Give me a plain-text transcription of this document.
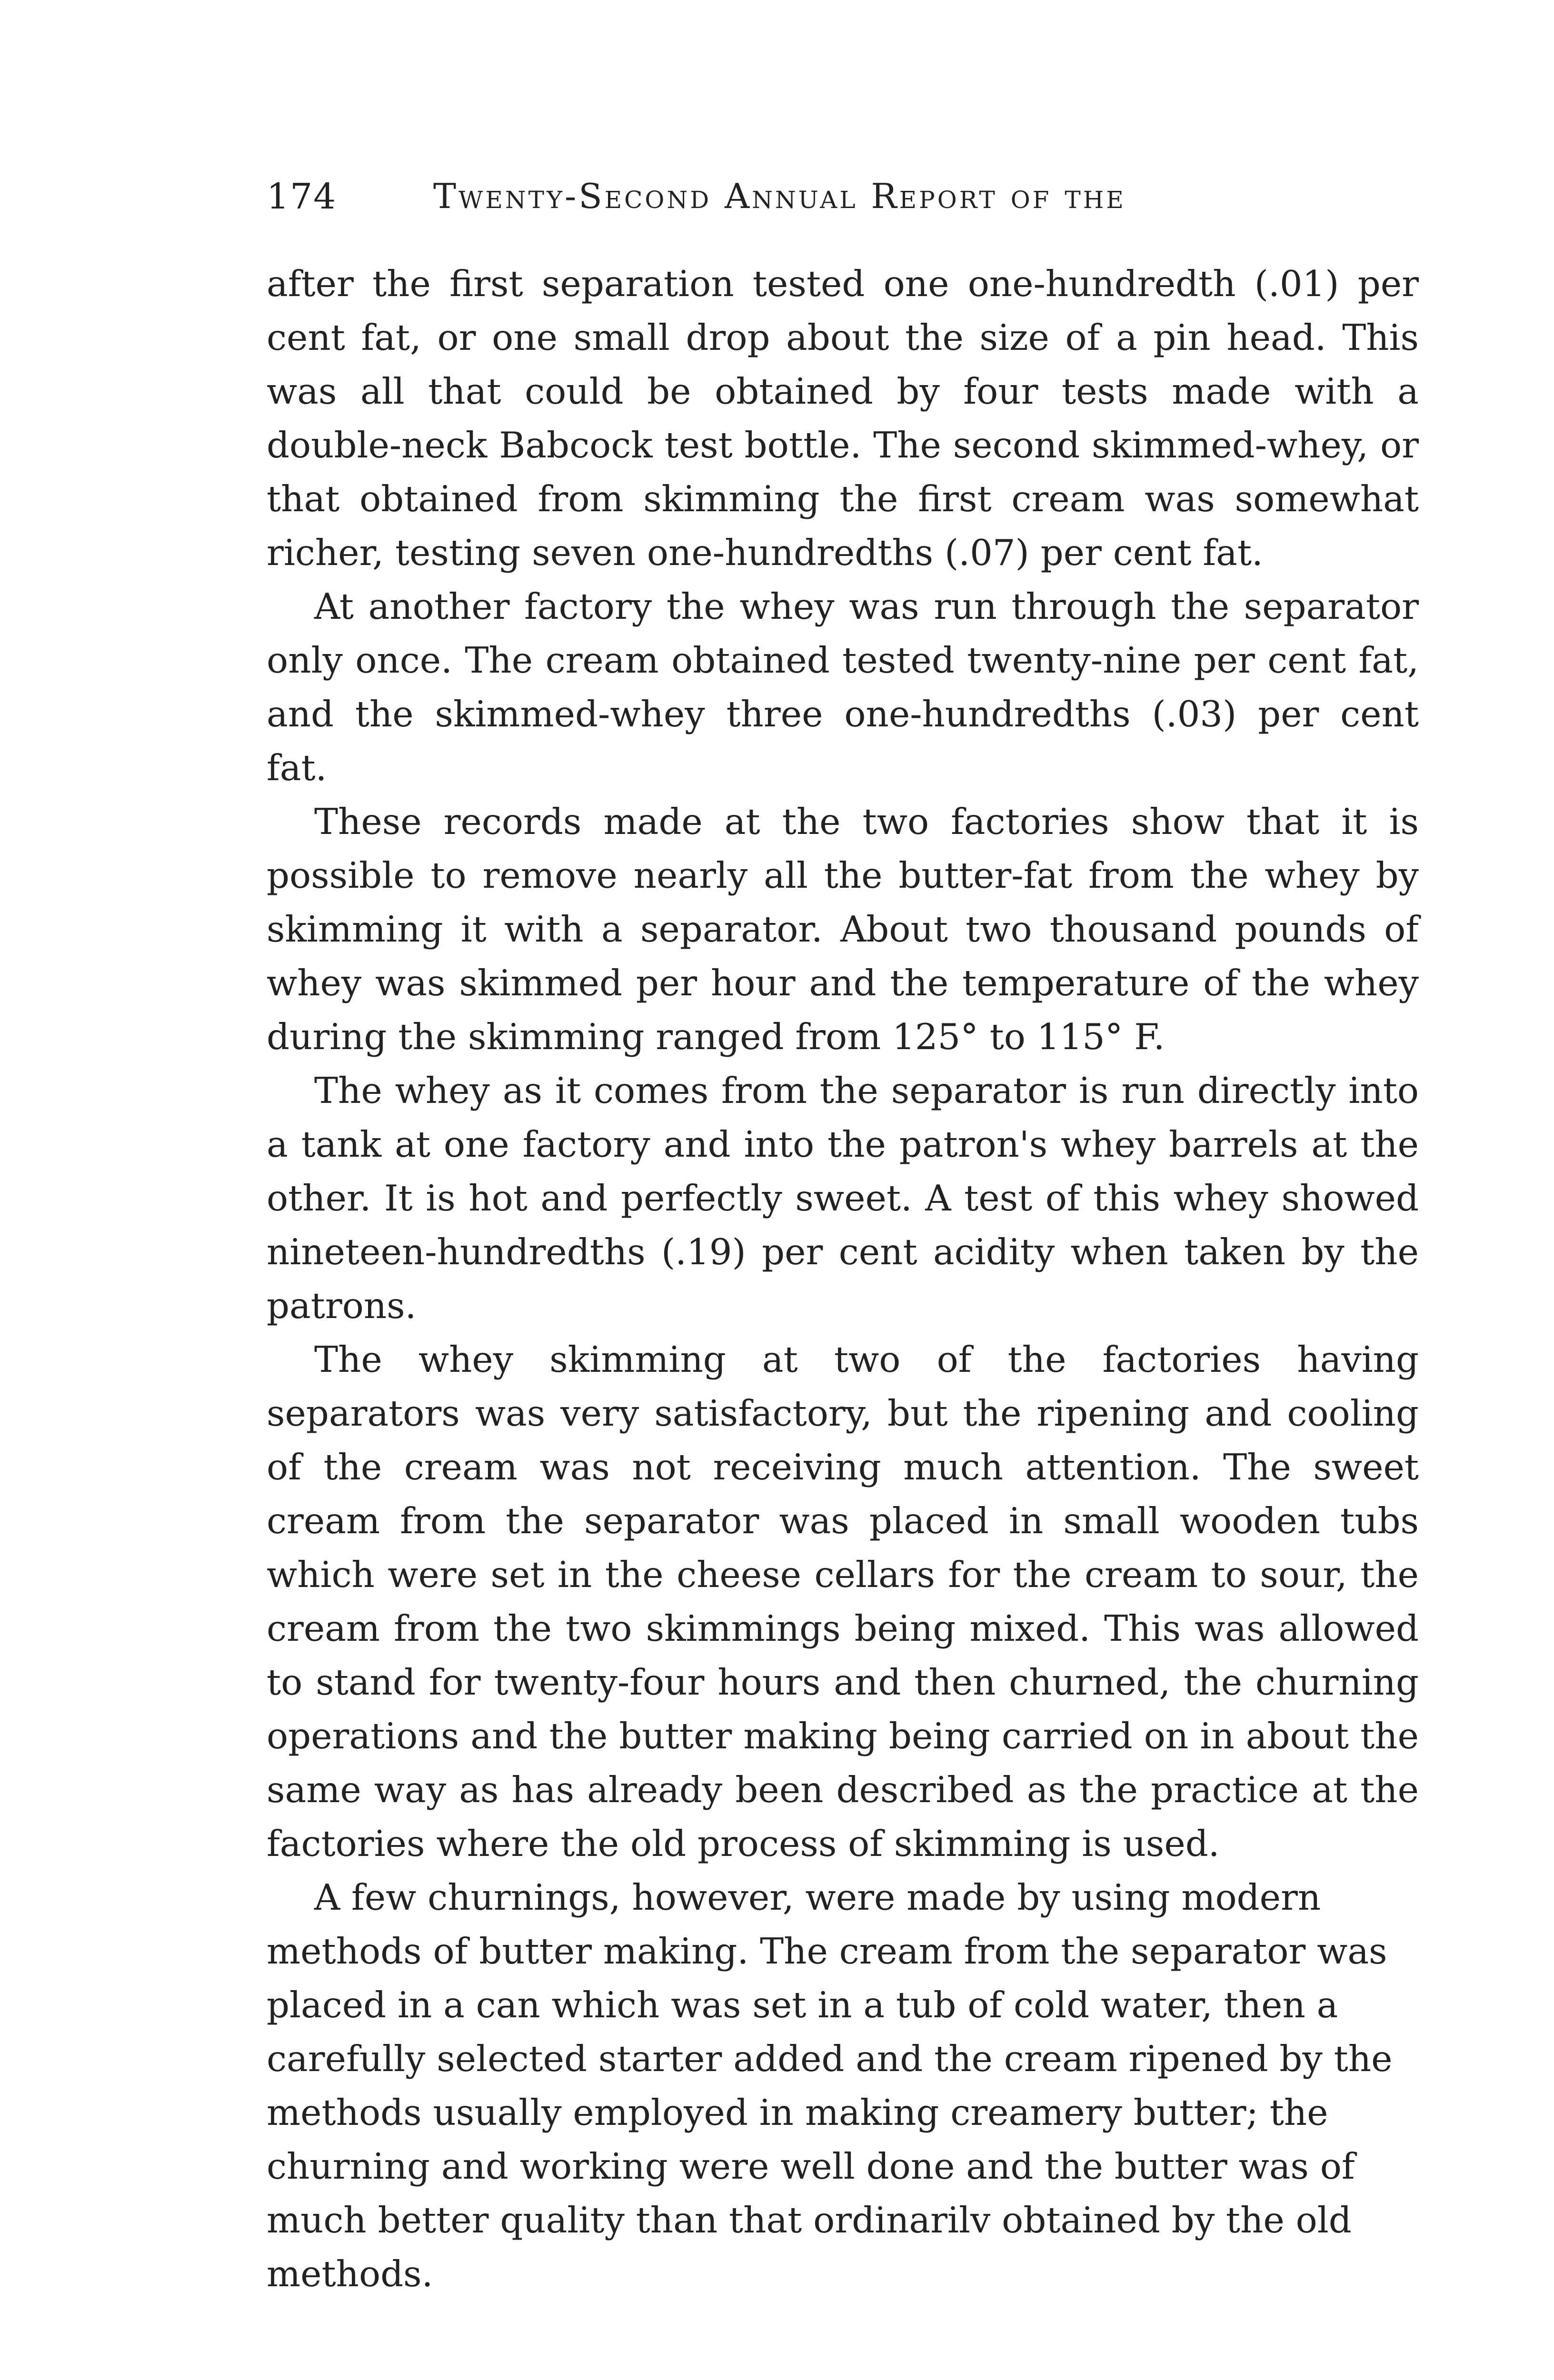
174	Twenty-Second Annual Report of the

after the first separation tested one one-hundredth (.01) per cent fat, or one small drop about the size of a pin head. This was all that could be obtained by four tests made with a double-neck Babcock test bottle. The second skimmed-whey, or that obtained from skimming the first cream was somewhat richer, testing seven one-hundredths (.07) per cent fat.

At another factory the whey was run through the separator only once. The cream obtained tested twenty-nine per cent fat, and the skimmed-whey three one-hundredths (.03) per cent fat.

These records made at the two factories show that it is possible to remove nearly all the butter-fat from the whey by skimming it with a separator. About two thousand pounds of whey was skimmed per hour and the temperature of the whey during the skimming ranged from 125° to 115° F.

The whey as it comes from the separator is run directly into a tank at one factory and into the patron's whey barrels at the other. It is hot and perfectly sweet. A test of this whey showed nineteen-hundredths (.19) per cent acidity when taken by the patrons.

The whey skimming at two of the factories having separators was very satisfactory, but the ripening and cooling of the cream was not receiving much attention. The sweet cream from the separator was placed in small wooden tubs which were set in the cheese cellars for the cream to sour, the cream from the two skimmings being mixed. This was allowed to stand for twenty-four hours and then churned, the churning operations and the butter making being carried on in about the same way as has already been described as the practice at the factories where the old process of skimming is used.

A few churnings, however, were made by using modern methods of butter making. The cream from the separator was placed in a can which was set in a tub of cold water, then a carefully selected starter added and the cream ripened by the methods usually employed in making creamery butter; the churning and working were well done and the butter was of much better quality than that ordinarilv obtained by the old methods.
